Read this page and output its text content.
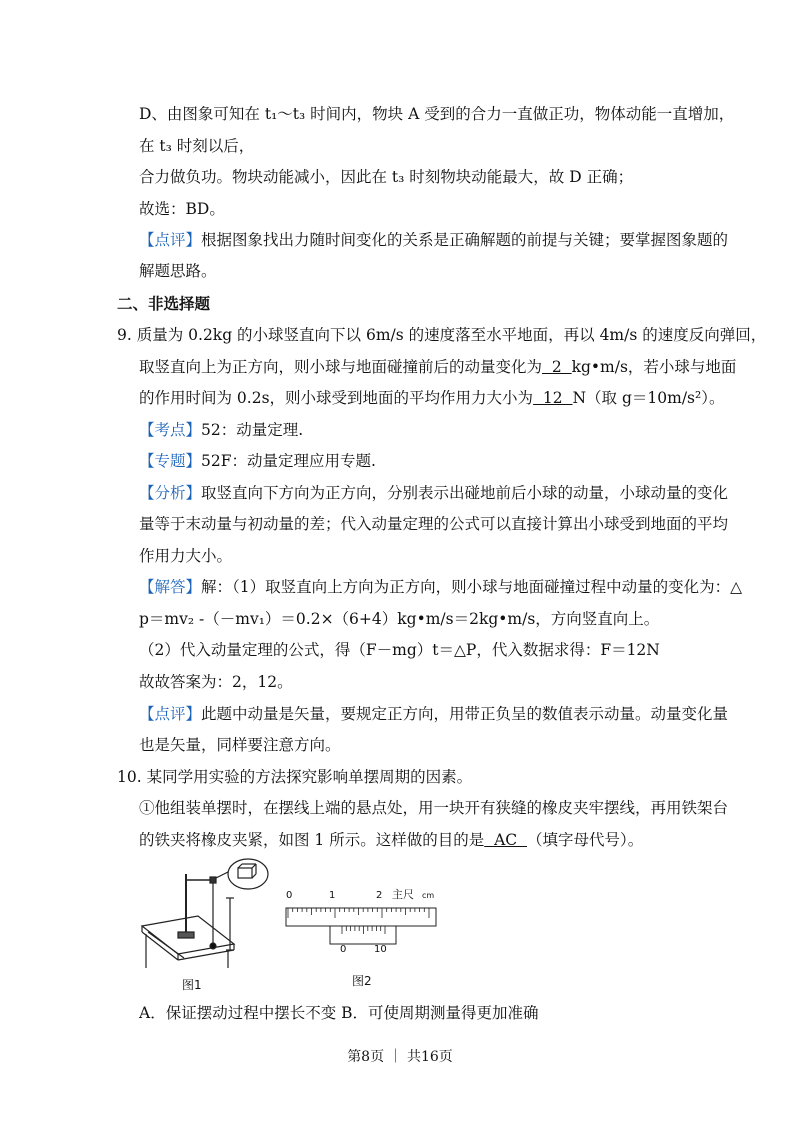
D、由图象可知在 t₁～t₃ 时间内，物块 A 受到的合力一直做正功，物体动能一直增加，
在 t₃ 时刻以后，
合力做负功。物块动能减小，因此在 t₃ 时刻物块动能最大，故 D 正确；
故选：BD。
【点评】根据图象找出力随时间变化的关系是正确解题的前提与关键；要掌握图象题的
解题思路。
二、非选择题
9. 质量为 0.2kg 的小球竖直向下以 6m/s 的速度落至水平地面，再以 4m/s 的速度反向弹回，
取竖直向上为正方向，则小球与地面碰撞前后的动量变化为  2  kg•m/s，若小球与地面
的作用时间为 0.2s，则小球受到地面的平均作用力大小为  12  N（取 g＝10m/s²）。
【考点】52：动量定理.
【专题】52F：动量定理应用专题.
【分析】取竖直向下方向为正方向，分别表示出碰地前后小球的动量，小球动量的变化
量等于末动量与初动量的差；代入动量定理的公式可以直接计算出小球受到地面的平均
作用力大小。
【解答】解：（1）取竖直向上方向为正方向，则小球与地面碰撞过程中动量的变化为：△
p＝mv₂ -（－mv₁）＝0.2×（6+4）kg•m/s＝2kg•m/s，方向竖直向上。
（2）代入动量定理的公式，得（F－mg）t＝△P，代入数据求得：F＝12N
故故答案为：2，12。
【点评】此题中动量是矢量，要规定正方向，用带正负呈的数值表示动量。动量变化量
也是矢量，同样要注意方向。
10. 某同学用实验的方法探究影响单摆周期的因素。
①他组装单摆时，在摆线上端的悬点处，用一块开有狭缝的橡皮夹牢摆线，再用铁架台
的铁夹将橡皮夹紧，如图 1 所示。这样做的目的是  AC  （填字母代号）。
图1
0	1	2 主尺 cm
0	10
图2
A．保证摆动过程中摆长不变 B．可使周期测量得更加准确
第8页 ｜ 共16页
